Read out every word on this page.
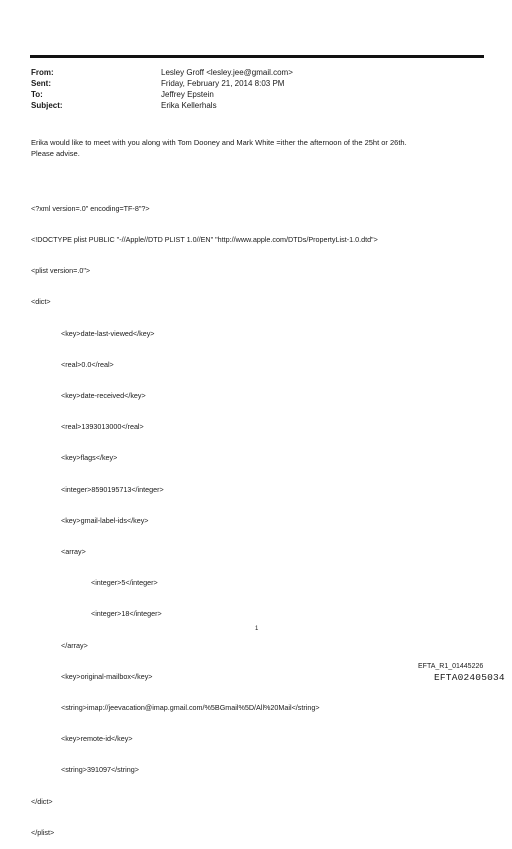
From:	Lesley Groff <lesley.jee@gmail.com>
Sent:	Friday, February 21, 2014 8:03 PM
To:	Jeffrey Epstein
Subject:	Erika Kellerhals
Erika would like to meet with you along with Tom Dooney and Mark White =ither the afternoon of the 25ht or 26th.
Please advise.

<?xml version=.0" encoding=TF-8"?>

<!DOCTYPE plist PUBLIC "-//Apple//DTD PLIST 1.0//EN" "http://www.apple.com/DTDs/PropertyList-1.0.dtd">

<plist version=.0">

<dict>

<key>date-last-viewed</key>

<real>0.0</real>

<key>date-received</key>

<real>1393013000</real>

<key>flags</key>

<integer>8590195713</integer>

<key>gmail-label-ids</key>

<array>

<integer>5</integer>

<integer>18</integer>

</array>

<key>original-mailbox</key>

<string>imap://jeevacation@imap.gmail.com/%5BGmail%5D/All%20Mail</string>

<key>remote-id</key>

<string>391097</string>

</dict>

</plist>

1
EFTA_R1_01445226
EFTA02405034
